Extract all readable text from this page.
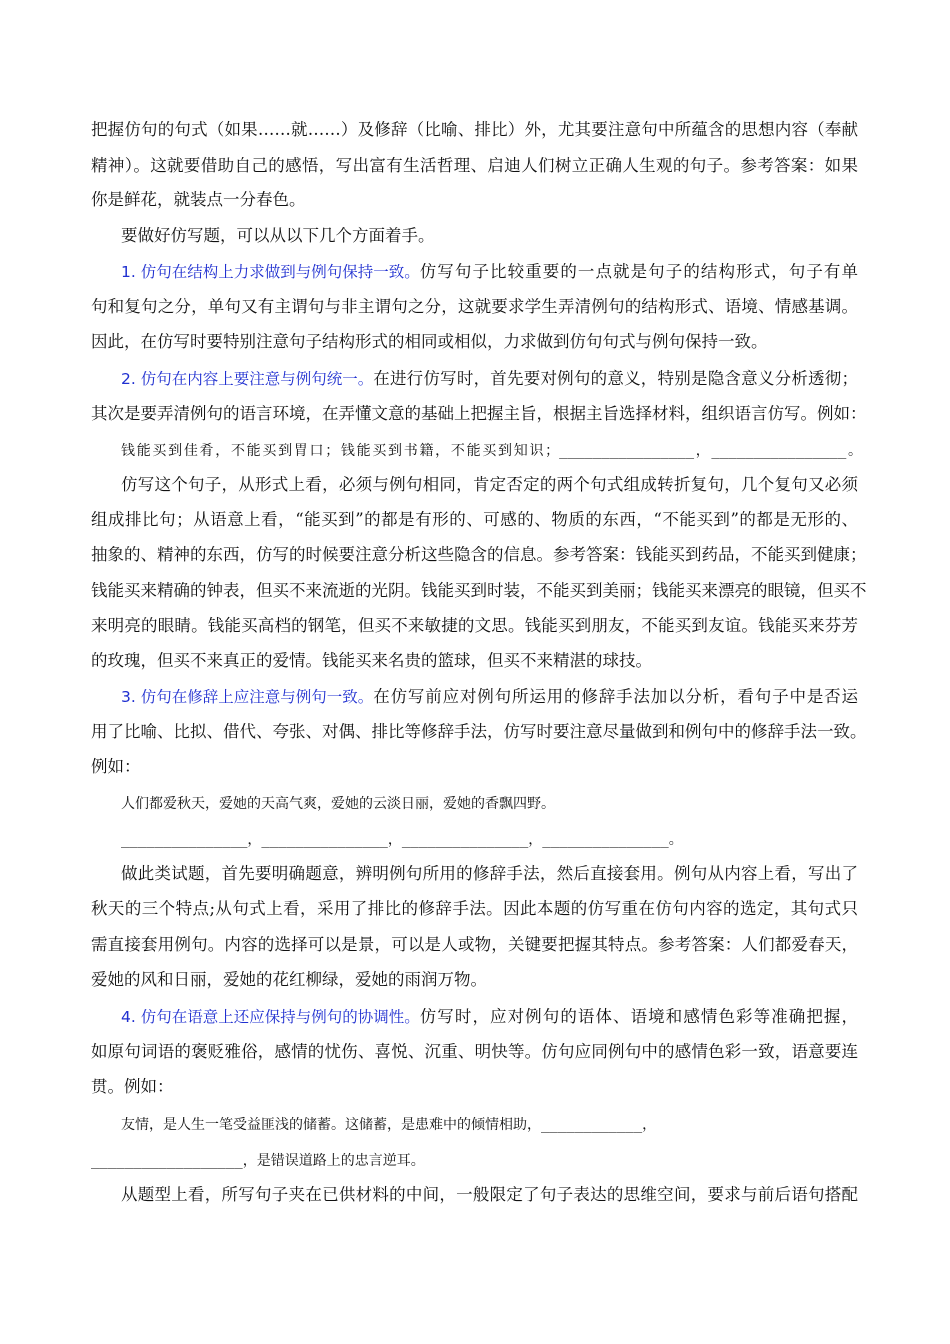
把握仿句的句式（如果……就……）及修辞（比喻、排比）外，尤其要注意句中所蕴含的思想内容（奉献
精神）。这就要借助自己的感悟，写出富有生活哲理、启迪人们树立正确人生观的句子。参考答案：如果
你是鲜花，就装点一分春色。
要做好仿写题，可以从以下几个方面着手。
1. 仿句在结构上力求做到与例句保持一致。 仿写句子比较重要的一点就是句子的结构形式，句子有单
句和复句之分，单句又有主谓句与非主谓句之分，这就要求学生弄清例句的结构形式、语境、情感基调。
因此，在仿写时要特别注意句子结构形式的相同或相似，力求做到仿句句式与例句保持一致。
2. 仿句在内容上要注意与例句统一。 在进行仿写时，首先要对例句的意义，特别是隐含意义分析透彻；
其次是要弄清例句的语言环境，在弄懂文意的基础上把握主旨，根据主旨选择材料，组织语言仿写。例如：
钱能买到佳肴，不能买到胃口；钱能买到书籍，不能买到知识；________________，________________。
仿写这个句子，从形式上看，必须与例句相同，肯定否定的两个句式组成转折复句，几个复句又必须
组成排比句；从语意上看，“能买到”的都是有形的、可感的、物质的东西，“不能买到”的都是无形的、
抽象的、精神的东西，仿写的时候要注意分析这些隐含的信息。参考答案：钱能买到药品，不能买到健康；
钱能买来精确的钟表，但买不来流逝的光阴。钱能买到时装，不能买到美丽；钱能买来漂亮的眼镜，但买不
来明亮的眼睛。钱能买高档的钢笔，但买不来敏捷的文思。钱能买到朋友，不能买到友谊。钱能买来芬芳
的玫瑰，但买不来真正的爱情。钱能买来名贵的篮球，但买不来精湛的球技。
3. 仿句在修辞上应注意与例句一致。 在仿写前应对例句所运用的修辞手法加以分析，看句子中是否运
用了比喻、比拟、借代、夸张、对偶、排比等修辞手法，仿写时要注意尽量做到和例句中的修辞手法一致。
例如：
人们都爱秋天，爱她的天高气爽，爱她的云淡日丽，爱她的香飘四野。
_______________，_______________，_______________，_______________。
做此类试题，首先要明确题意，辨明例句所用的修辞手法，然后直接套用。例句从内容上看，写出了
秋天的三个特点;从句式上看，采用了排比的修辞手法。因此本题的仿写重在仿句内容的选定，其句式只
需直接套用例句。内容的选择可以是景，可以是人或物，关键要把握其特点。参考答案：人们都爱春天，
爱她的风和日丽，爱她的花红柳绿，爱她的雨润万物。
4. 仿句在语意上还应保持与例句的协调性。 仿写时，应对例句的语体、语境和感情色彩等准确把握，
如原句词语的褒贬雅俗，感情的忧伤、喜悦、沉重、明快等。仿句应同例句中的感情色彩一致，语意要连
贯。例如：
友情，是人生一笔受益匪浅的储蓄。这储蓄，是患难中的倾情相助，____________，
__________________，是错误道路上的忠言逆耳。
从题型上看，所写句子夹在已供材料的中间，一般限定了句子表达的思维空间，要求与前后语句搭配
